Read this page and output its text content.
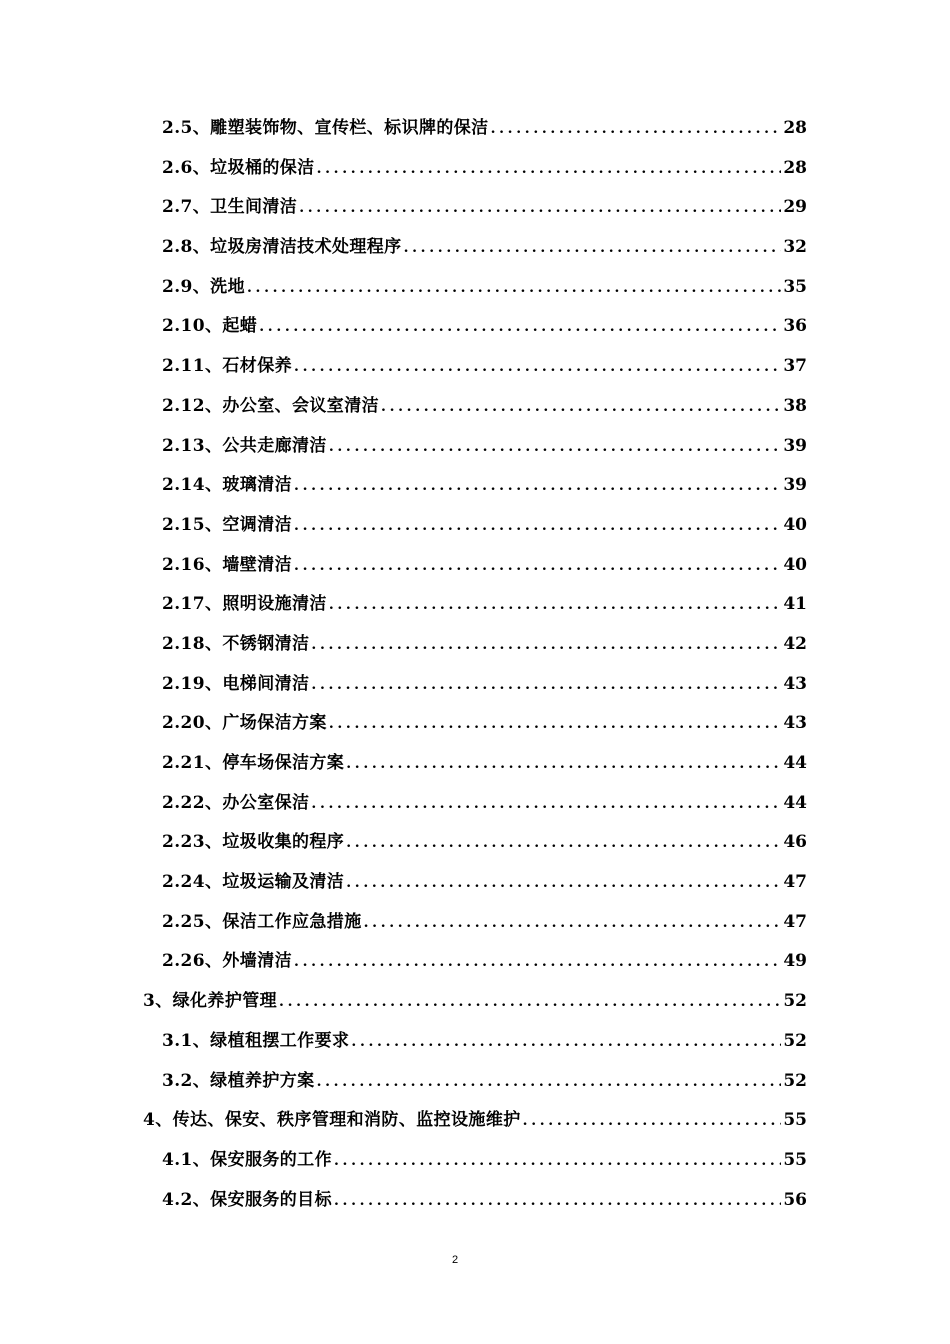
2.5、雕塑装饰物、宣传栏、标识牌的保洁 . . .	28
2.6、垃圾桶的保洁 . . .	28
2.7、卫生间清洁 . . .	29
2.8、垃圾房清洁技术处理程序 . . .	32
2.9、洗地 . . .	35
2.10、起蜡 . . .	36
2.11、石材保养 . . .	37
2.12、办公室、会议室清洁 . . .	38
2.13、公共走廊清洁 . . .	39
2.14、玻璃清洁 . . .	39
2.15、空调清洁 . . .	40
2.16、墙壁清洁 . . .	40
2.17、照明设施清洁 . . .	41
2.18、不锈钢清洁 . . .	42
2.19、电梯间清洁 . . .	43
2.20、广场保洁方案 . . .	43
2.21、停车场保洁方案 . . .	44
2.22、办公室保洁 . . .	44
2.23、垃圾收集的程序 . . .	46
2.24、垃圾运输及清洁 . . .	47
2.25、保洁工作应急措施 . . .	47
2.26、外墙清洁 . . .	49
3、绿化养护管理 . . .	52
3.1、绿植租摆工作要求 . . .	52
3.2、绿植养护方案 . . .	52
4、传达、保安、秩序管理和消防、监控设施维护 . . .	55
4.1、保安服务的工作 . . .	55
4.2、保安服务的目标 . . .	56
2
